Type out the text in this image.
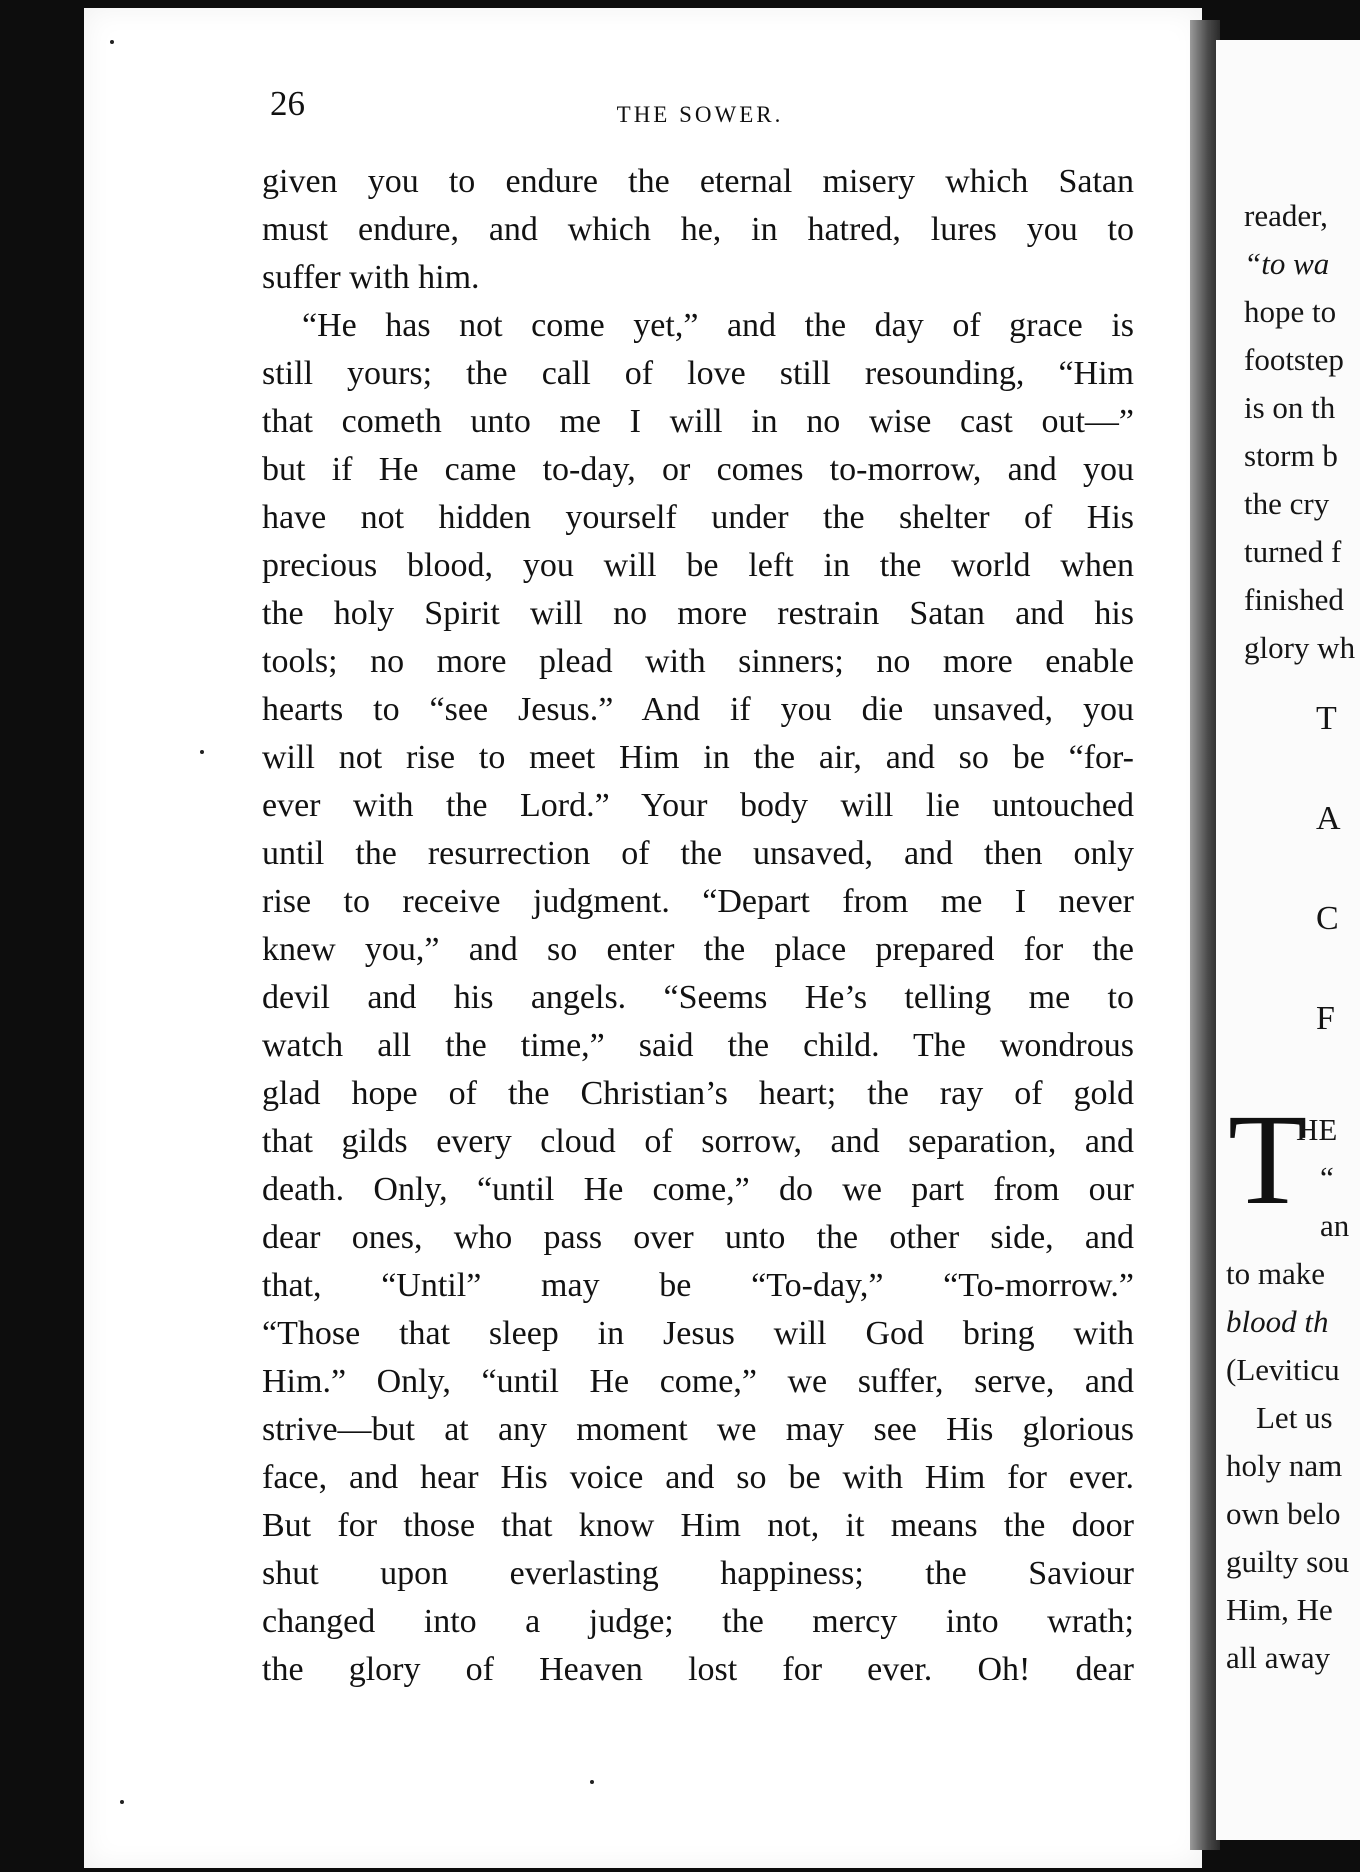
26	THE SOWER.
given you to endure the eternal misery which Satan
must endure, and which he, in hatred, lures you to
suffer with him.
“He has not come yet,” and the day of grace is
still yours; the call of love still resounding, “Him
that cometh unto me I will in no wise cast out—”
but if He came to-day, or comes to-morrow, and you
have not hidden yourself under the shelter of His
precious blood, you will be left in the world when
the holy Spirit will no more restrain Satan and his
tools; no more plead with sinners; no more enable
hearts to “see Jesus.” And if you die unsaved, you
will not rise to meet Him in the air, and so be “for-
ever with the Lord.” Your body will lie untouched
until the resurrection of the unsaved, and then only
rise to receive judgment. “Depart from me I never
knew you,” and so enter the place prepared for the
devil and his angels. “Seems He’s telling me to
watch all the time,” said the child. The wondrous
glad hope of the Christian’s heart; the ray of gold
that gilds every cloud of sorrow, and separation, and
death. Only, “until He come,” do we part from our
dear ones, who pass over unto the other side, and
that, “Until” may be “To-day,” “To-morrow.”
“Those that sleep in Jesus will God bring with
Him.” Only, “until He come,” we suffer, serve, and
strive—but at any moment we may see His glorious
face, and hear His voice and so be with Him for ever.
But for those that know Him not, it means the door
shut upon everlasting happiness; the Saviour
changed into a judge; the mercy into wrath;
the glory of Heaven lost for ever. Oh! dear
reader,
“to wa
hope to
footstep
is on th
storm b
the cry
turned f
finished
glory wh
T
A
C
F
T
HE
“
an
to make
blood th
(Leviticu
Let us
holy nam
own belo
guilty sou
Him, He
all away
